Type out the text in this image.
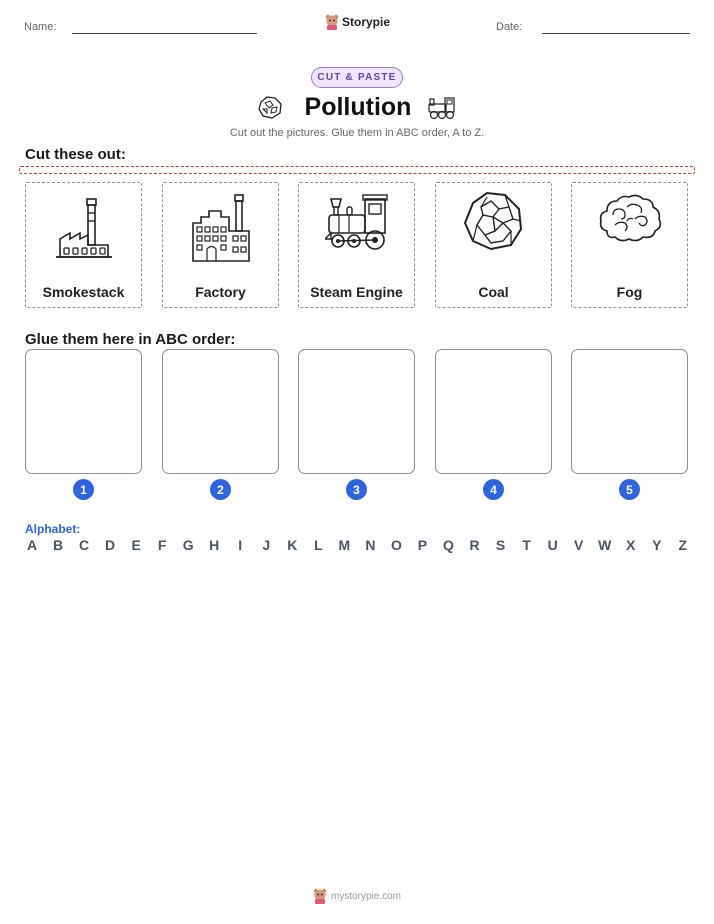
Name:	Storypie	Date:
CUT & PASTE
Pollution
Cut out the pictures. Glue them in ABC order, A to Z.
Cut these out:
Smokestack	Factory	Steam Engine	Coal	Fog
Glue them here in ABC order:
1	2	3	4	5
Alphabet:
A B C D E F G H	I	J K L M N O P Q R S T U V W X Y Z
mystorypie.com
